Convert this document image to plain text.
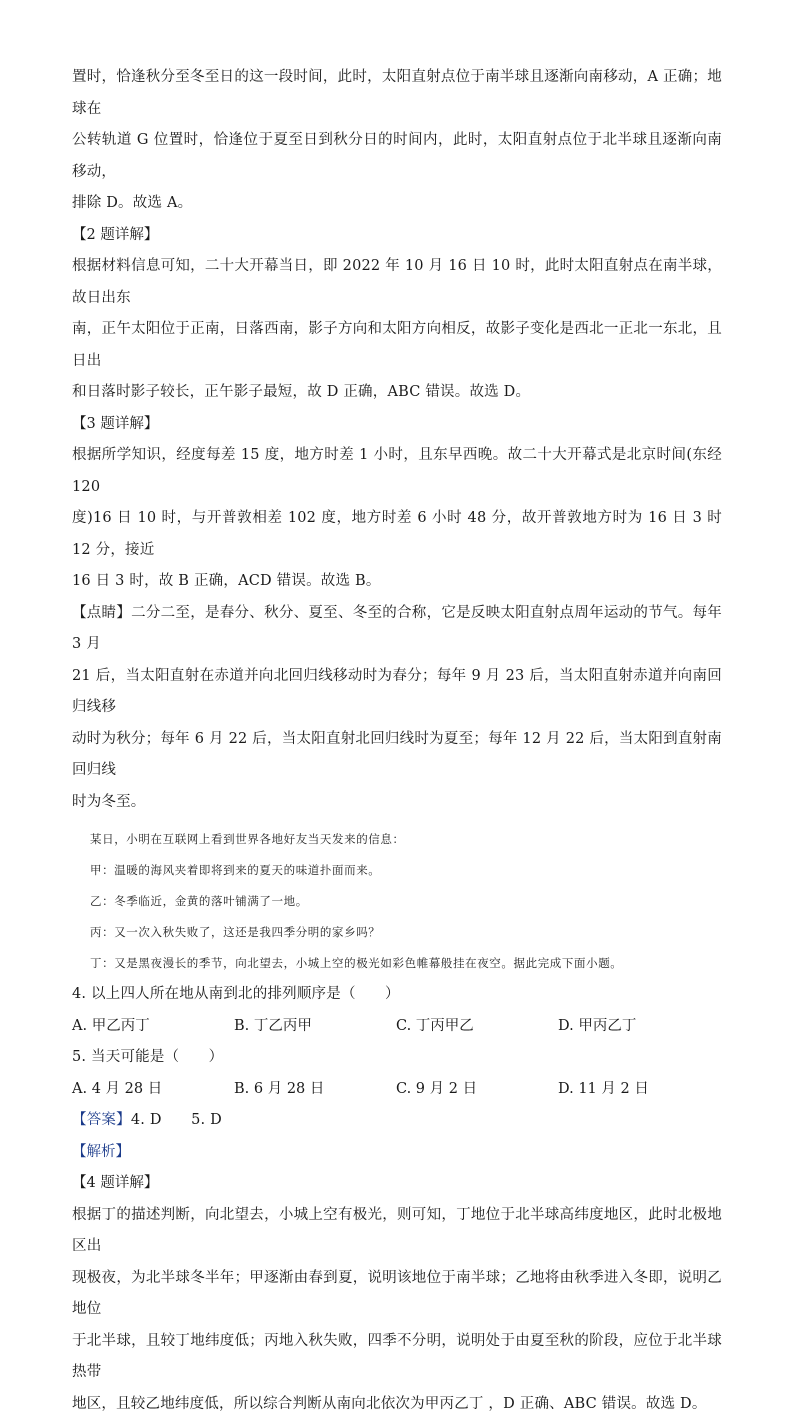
置时，恰逢秋分至冬至日的这一段时间，此时，太阳直射点位于南半球且逐渐向南移动，A 正确；地球在

公转轨道 G 位置时，恰逢位于夏至日到秋分日的时间内，此时，太阳直射点位于北半球且逐渐向南移动，

排除 D。故选 A。

【2 题详解】

根据材料信息可知，二十大开幕当日，即 2022 年 10 月 16 日 10 时，此时太阳直射点在南半球，故日出东

南，正午太阳位于正南，日落西南，影子方向和太阳方向相反，故影子变化是西北一正北一东北，且日出

和日落时影子较长，正午影子最短，故 D 正确，ABC 错误。故选 D。

【3 题详解】

根据所学知识，经度每差 15 度，地方时差 1 小时，且东早西晚。故二十大开幕式是北京时间(东经 120

度)16 日 10 时，与开普敦相差 102 度，地方时差 6 小时 48 分，故开普敦地方时为 16 日 3 时 12 分，接近

16 日 3 时，故 B 正确，ACD 错误。故选 B。

【点睛】二分二至，是春分、秋分、夏至、冬至的合称，它是反映太阳直射点周年运动的节气。每年 3 月

21 后，当太阳直射在赤道并向北回归线移动时为春分；每年 9 月 23 后，当太阳直射赤道并向南回归线移

动时为秋分；每年 6 月 22 后，当太阳直射北回归线时为夏至；每年 12 月 22 后，当太阳到直射南回归线

时为冬至。

某日，小明在互联网上看到世界各地好友当天发来的信息：

甲：温暖的海风夹着即将到来的夏天的味道扑面而来。

乙：冬季临近，金黄的落叶铺满了一地。

丙：又一次入秋失败了，这还是我四季分明的家乡吗？

丁：又是黑夜漫长的季节，向北望去，小城上空的极光如彩色帷幕般挂在夜空。据此完成下面小题。

4. 以上四人所在地从南到北的排列顺序是（　　）

A. 甲乙丙丁	B. 丁乙丙甲	C. 丁丙甲乙	D. 甲丙乙丁

5. 当天可能是（　　）

A. 4 月 28 日	B. 6 月 28 日	C. 9 月 2 日	D. 11 月 2 日

【答案】4. D　　5. D

【解析】

【4 题详解】

根据丁的描述判断，向北望去，小城上空有极光，则可知，丁地位于北半球高纬度地区，此时北极地区出

现极夜，为北半球冬半年；甲逐渐由春到夏，说明该地位于南半球；乙地将由秋季进入冬即，说明乙地位

于北半球，且较丁地纬度低；丙地入秋失败，四季不分明，说明处于由夏至秋的阶段，应位于北半球热带

地区，且较乙地纬度低，所以综合判断从南向北依次为甲丙乙丁 ，D 正确、ABC 错误。故选 D。
